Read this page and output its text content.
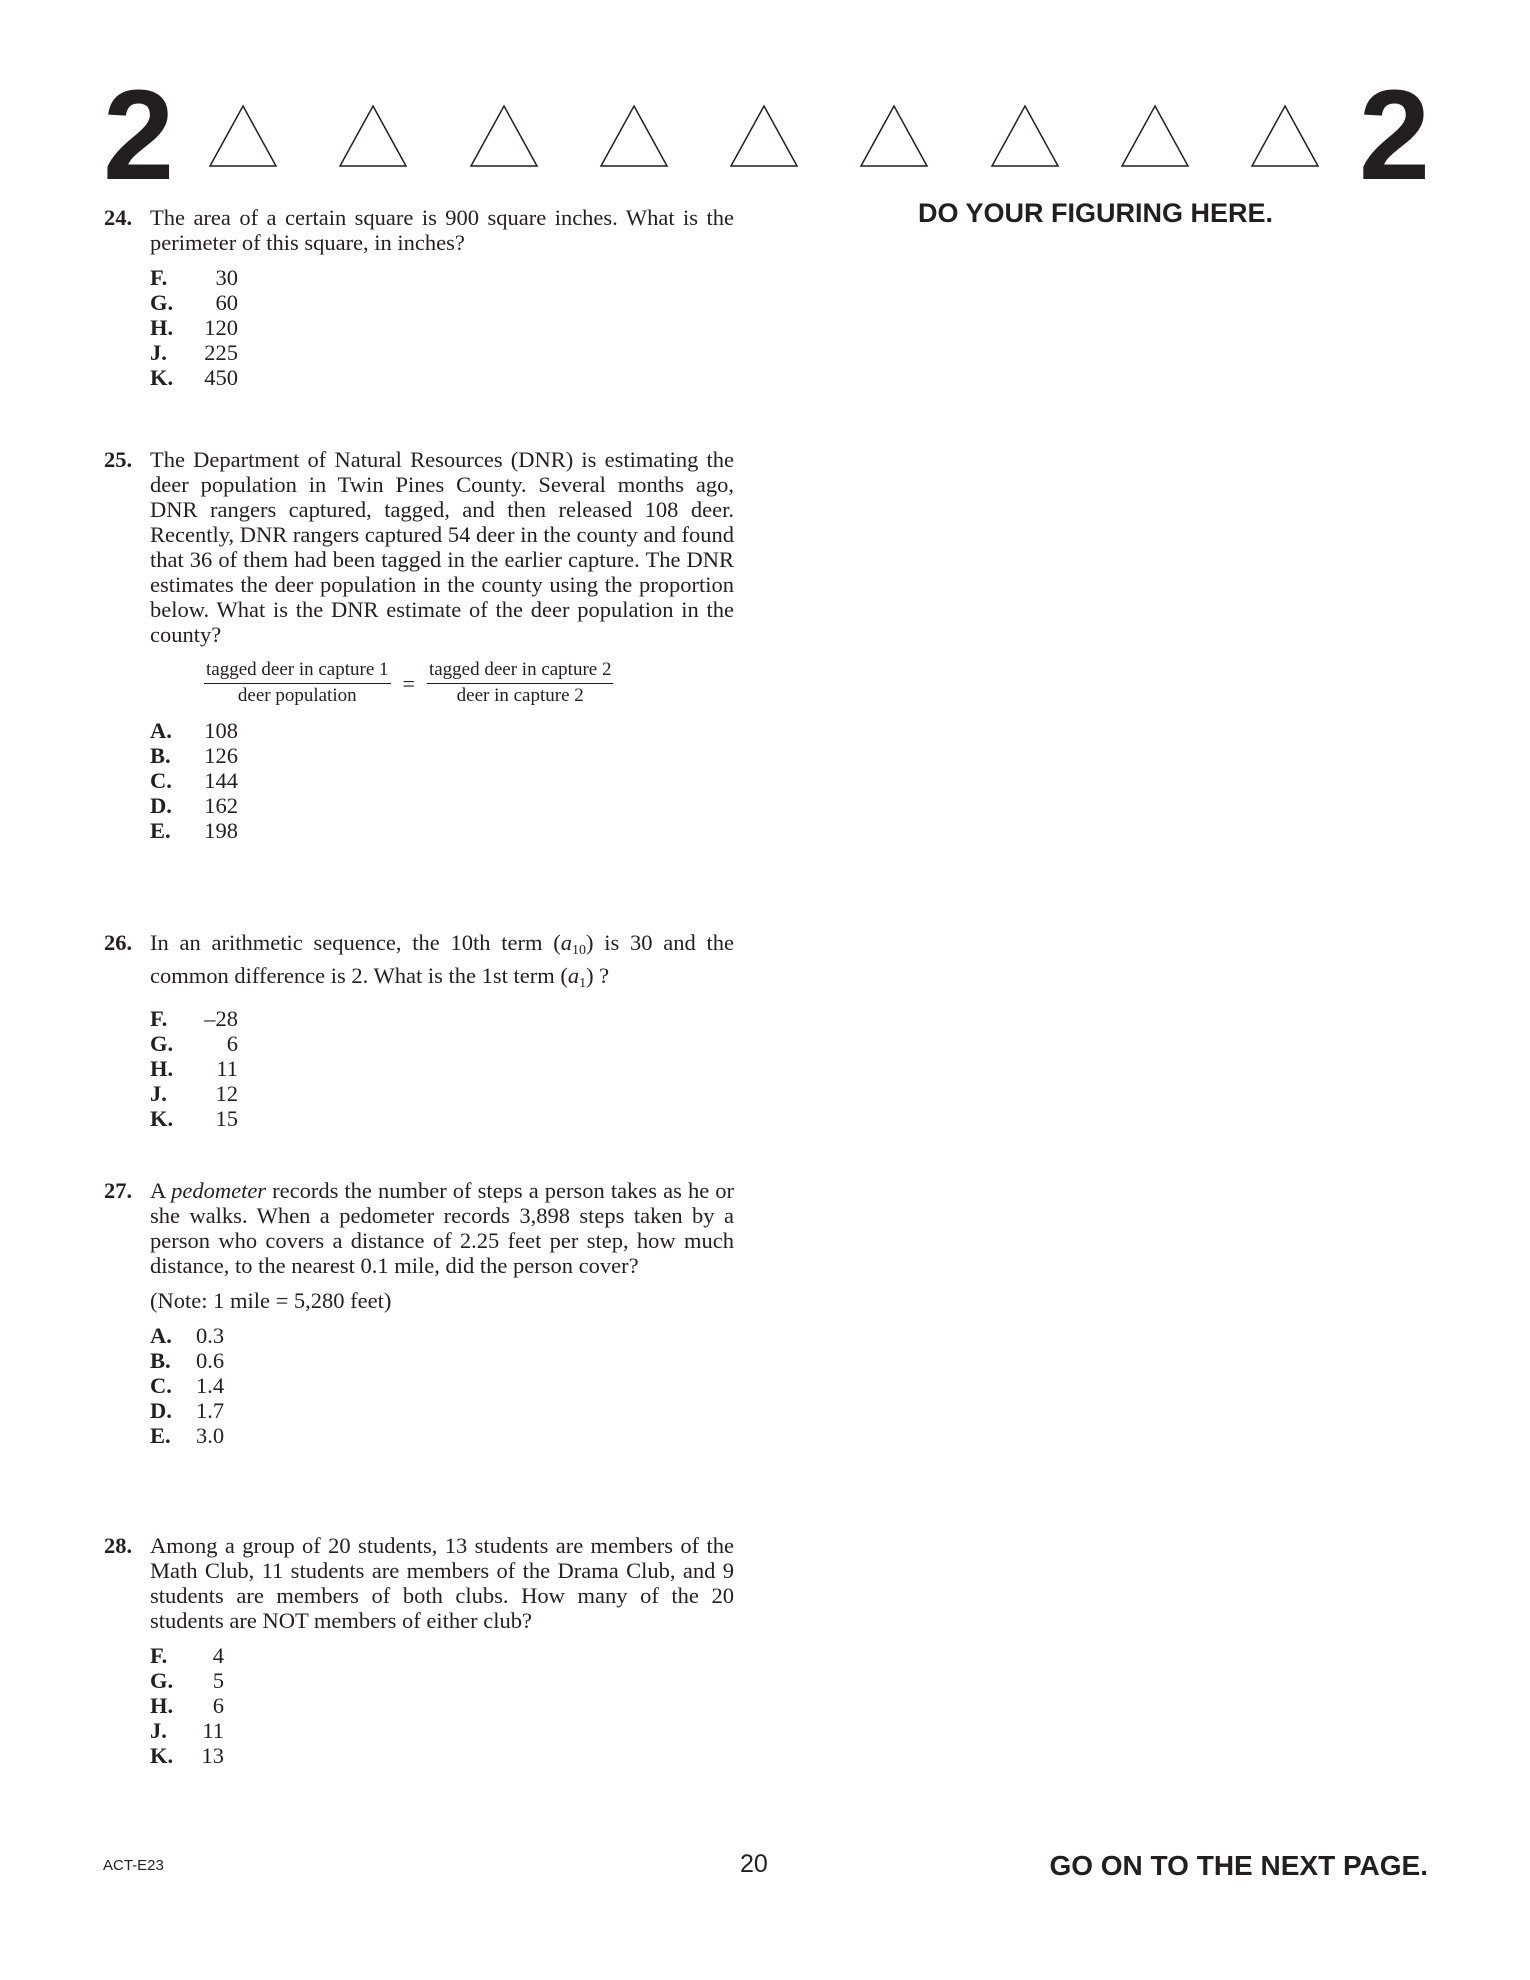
2	2
DO YOUR FIGURING HERE.
24. The area of a certain square is 900 square inches. What is the perimeter of this square, in inches?
F.	30
G.	60
H.	120
J.	225
K.	450
25. The Department of Natural Resources (DNR) is estimating the deer population in Twin Pines County. Several months ago, DNR rangers captured, tagged, and then released 108 deer. Recently, DNR rangers captured 54 deer in the county and found that 36 of them had been tagged in the earlier capture. The DNR estimates the deer population in the county using the proportion below. What is the DNR estimate of the deer population in the county?
$\frac{\text{tagged deer in capture 1}}{\text{deer population}} = \frac{\text{tagged deer in capture 2}}{\text{deer in capture 2}}$
A.	108
B.	126
C.	144
D.	162
E.	198
26. In an arithmetic sequence, the 10th term $(a_{10})$ is 30 and the common difference is 2. What is the 1st term $(a_1)$ ?
F.	–28
G.	6
H.	11
J.	12
K.	15
27. A pedometer records the number of steps a person takes as he or she walks. When a pedometer records 3,898 steps taken by a person who covers a distance of 2.25 feet per step, how much distance, to the nearest 0.1 mile, did the person cover?
(Note: 1 mile = 5,280 feet)
A.	0.3
B.	0.6
C.	1.4
D.	1.7
E.	3.0
28. Among a group of 20 students, 13 students are members of the Math Club, 11 students are members of the Drama Club, and 9 students are members of both clubs. How many of the 20 students are NOT members of either club?
F.	4
G.	5
H.	6
J.	11
K.	13
ACT-E23	20	GO ON TO THE NEXT PAGE.
